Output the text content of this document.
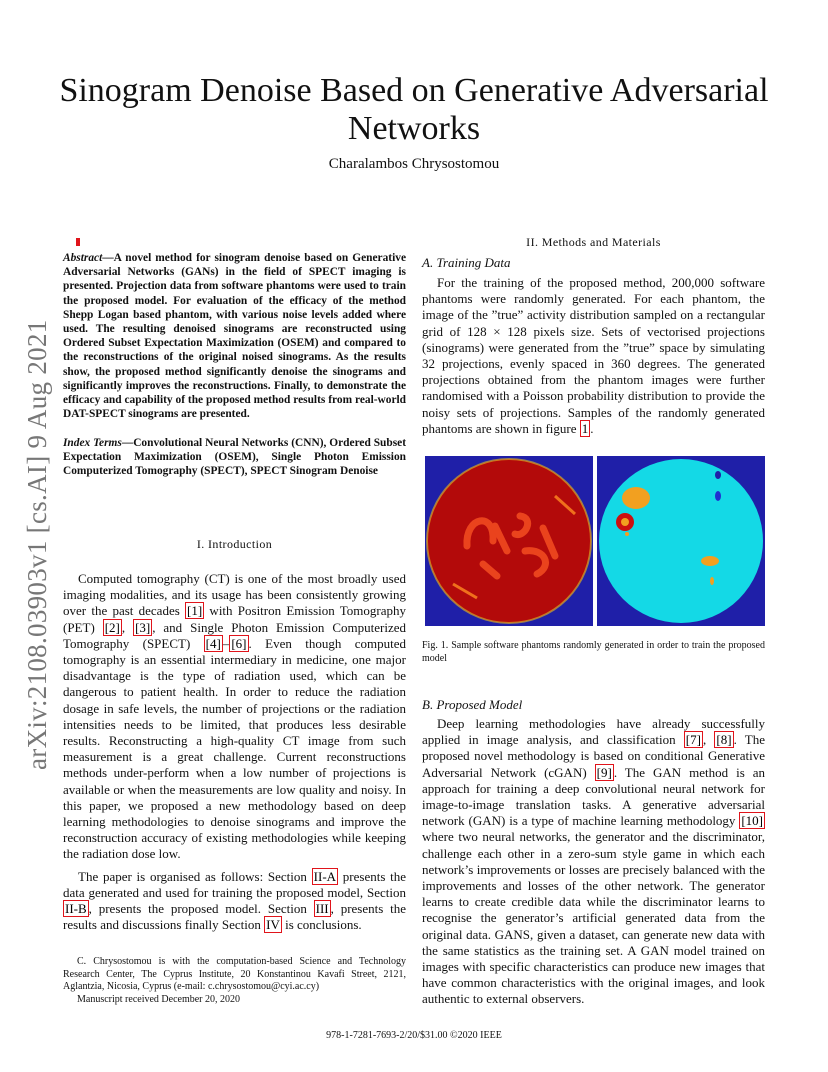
Sinogram Denoise Based on Generative Adversarial Networks
Charalambos Chrysostomou
arXiv:2108.03903v1 [cs.AI] 9 Aug 2021
Abstract—A novel method for sinogram denoise based on Generative Adversarial Networks (GANs) in the field of SPECT imaging is presented. Projection data from software phantoms were used to train the proposed model. For evaluation of the efficacy of the method Shepp Logan based phantom, with various noise levels added where used. The resulting denoised sinograms are reconstructed using Ordered Subset Expectation Maximization (OSEM) and compared to the reconstructions of the original noised sinograms. As the results show, the proposed method significantly denoise the sinograms and significantly improves the reconstructions. Finally, to demonstrate the efficacy and capability of the proposed method results from real-world DAT-SPECT sinograms are presented.
Index Terms—Convolutional Neural Networks (CNN), Ordered Subset Expectation Maximization (OSEM), Single Photon Emission Computerized Tomography (SPECT), SPECT Sinogram Denoise
I. Introduction

Computed tomography (CT) is one of the most broadly used imaging modalities, and its usage has been consistently growing over the past decades [1] with Positron Emission Tomography (PET) [2] , [3] , and Single Photon Emission Computerized Tomography (SPECT) [4] – [6] . Even though computed tomography is an essential intermediary in medicine, one major disadvantage is the type of radiation used, which can be dangerous to patient health. In order to reduce the radiation dosage in safe levels, the number of projections or the radiation intensities needs to be limited, that produces less desirable results. Reconstructing a high-quality CT image from such measurement is a great challenge. Current reconstructions methods under-perform when a low number of projections is available or when the measurements are low quality and noisy. In this paper, we proposed a new methodology based on deep learning methodologies to denoise sinograms and improve the reconstruction accuracy of existing methodologies while keeping the radiation dose low.

The paper is organised as follows: Section II-A presents the data generated and used for training the proposed model, Section II-B , presents the proposed model. Section III , presents the results and discussions finally Section IV is conclusions.

C. Chrysostomou is with the computation-based Science and Technology Research Center, The Cyprus Institute, 20 Konstantinou Kavafi Street, 2121, Aglantzia, Nicosia, Cyprus (e-mail: c.chrysostomou@cyi.ac.cy)

Manuscript received December 20, 2020

II. Methods and Materials
A. Training Data

For the training of the proposed method, 200,000 software phantoms were randomly generated. For each phantom, the image of the ”true” activity distribution sampled on a rectangular grid of 128 × 128 pixels size. Sets of vectorised projections (sinograms) were generated from the ”true” space by simulating 32 projections, evenly spaced in 360 degrees. The generated projections obtained from the phantom images were further randomised with a Poisson probability distribution to provide the noisy sets of projections. Samples of the randomly generated phantoms are shown in figure 1 .

Fig. 1. Sample software phantoms randomly generated in order to train the proposed model
B. Proposed Model

Deep learning methodologies have already successfully applied in image analysis, and classification [7] , [8] . The proposed novel methodology is based on conditional Generative Adversarial Network (cGAN) [9] . The GAN method is an approach for training a deep convolutional neural network for image-to-image translation tasks. A generative adversarial network (GAN) is a type of machine learning methodology [10] where two neural networks, the generator and the discriminator, challenge each other in a zero-sum style game in which each network’s improvements or losses are precisely balanced with the improvements and losses of the other network. The generator learns to create credible data while the discriminator learns to recognise the generator’s artificial generated data from the original data. GANS, given a dataset, can generate new data with the same statistics as the training set. A GAN model trained on images with specific characteristics can produce new images that have common characteristics with the original images, and look authentic to external observers.

978-1-7281-7693-2/20/$31.00 ©2020 IEEE
